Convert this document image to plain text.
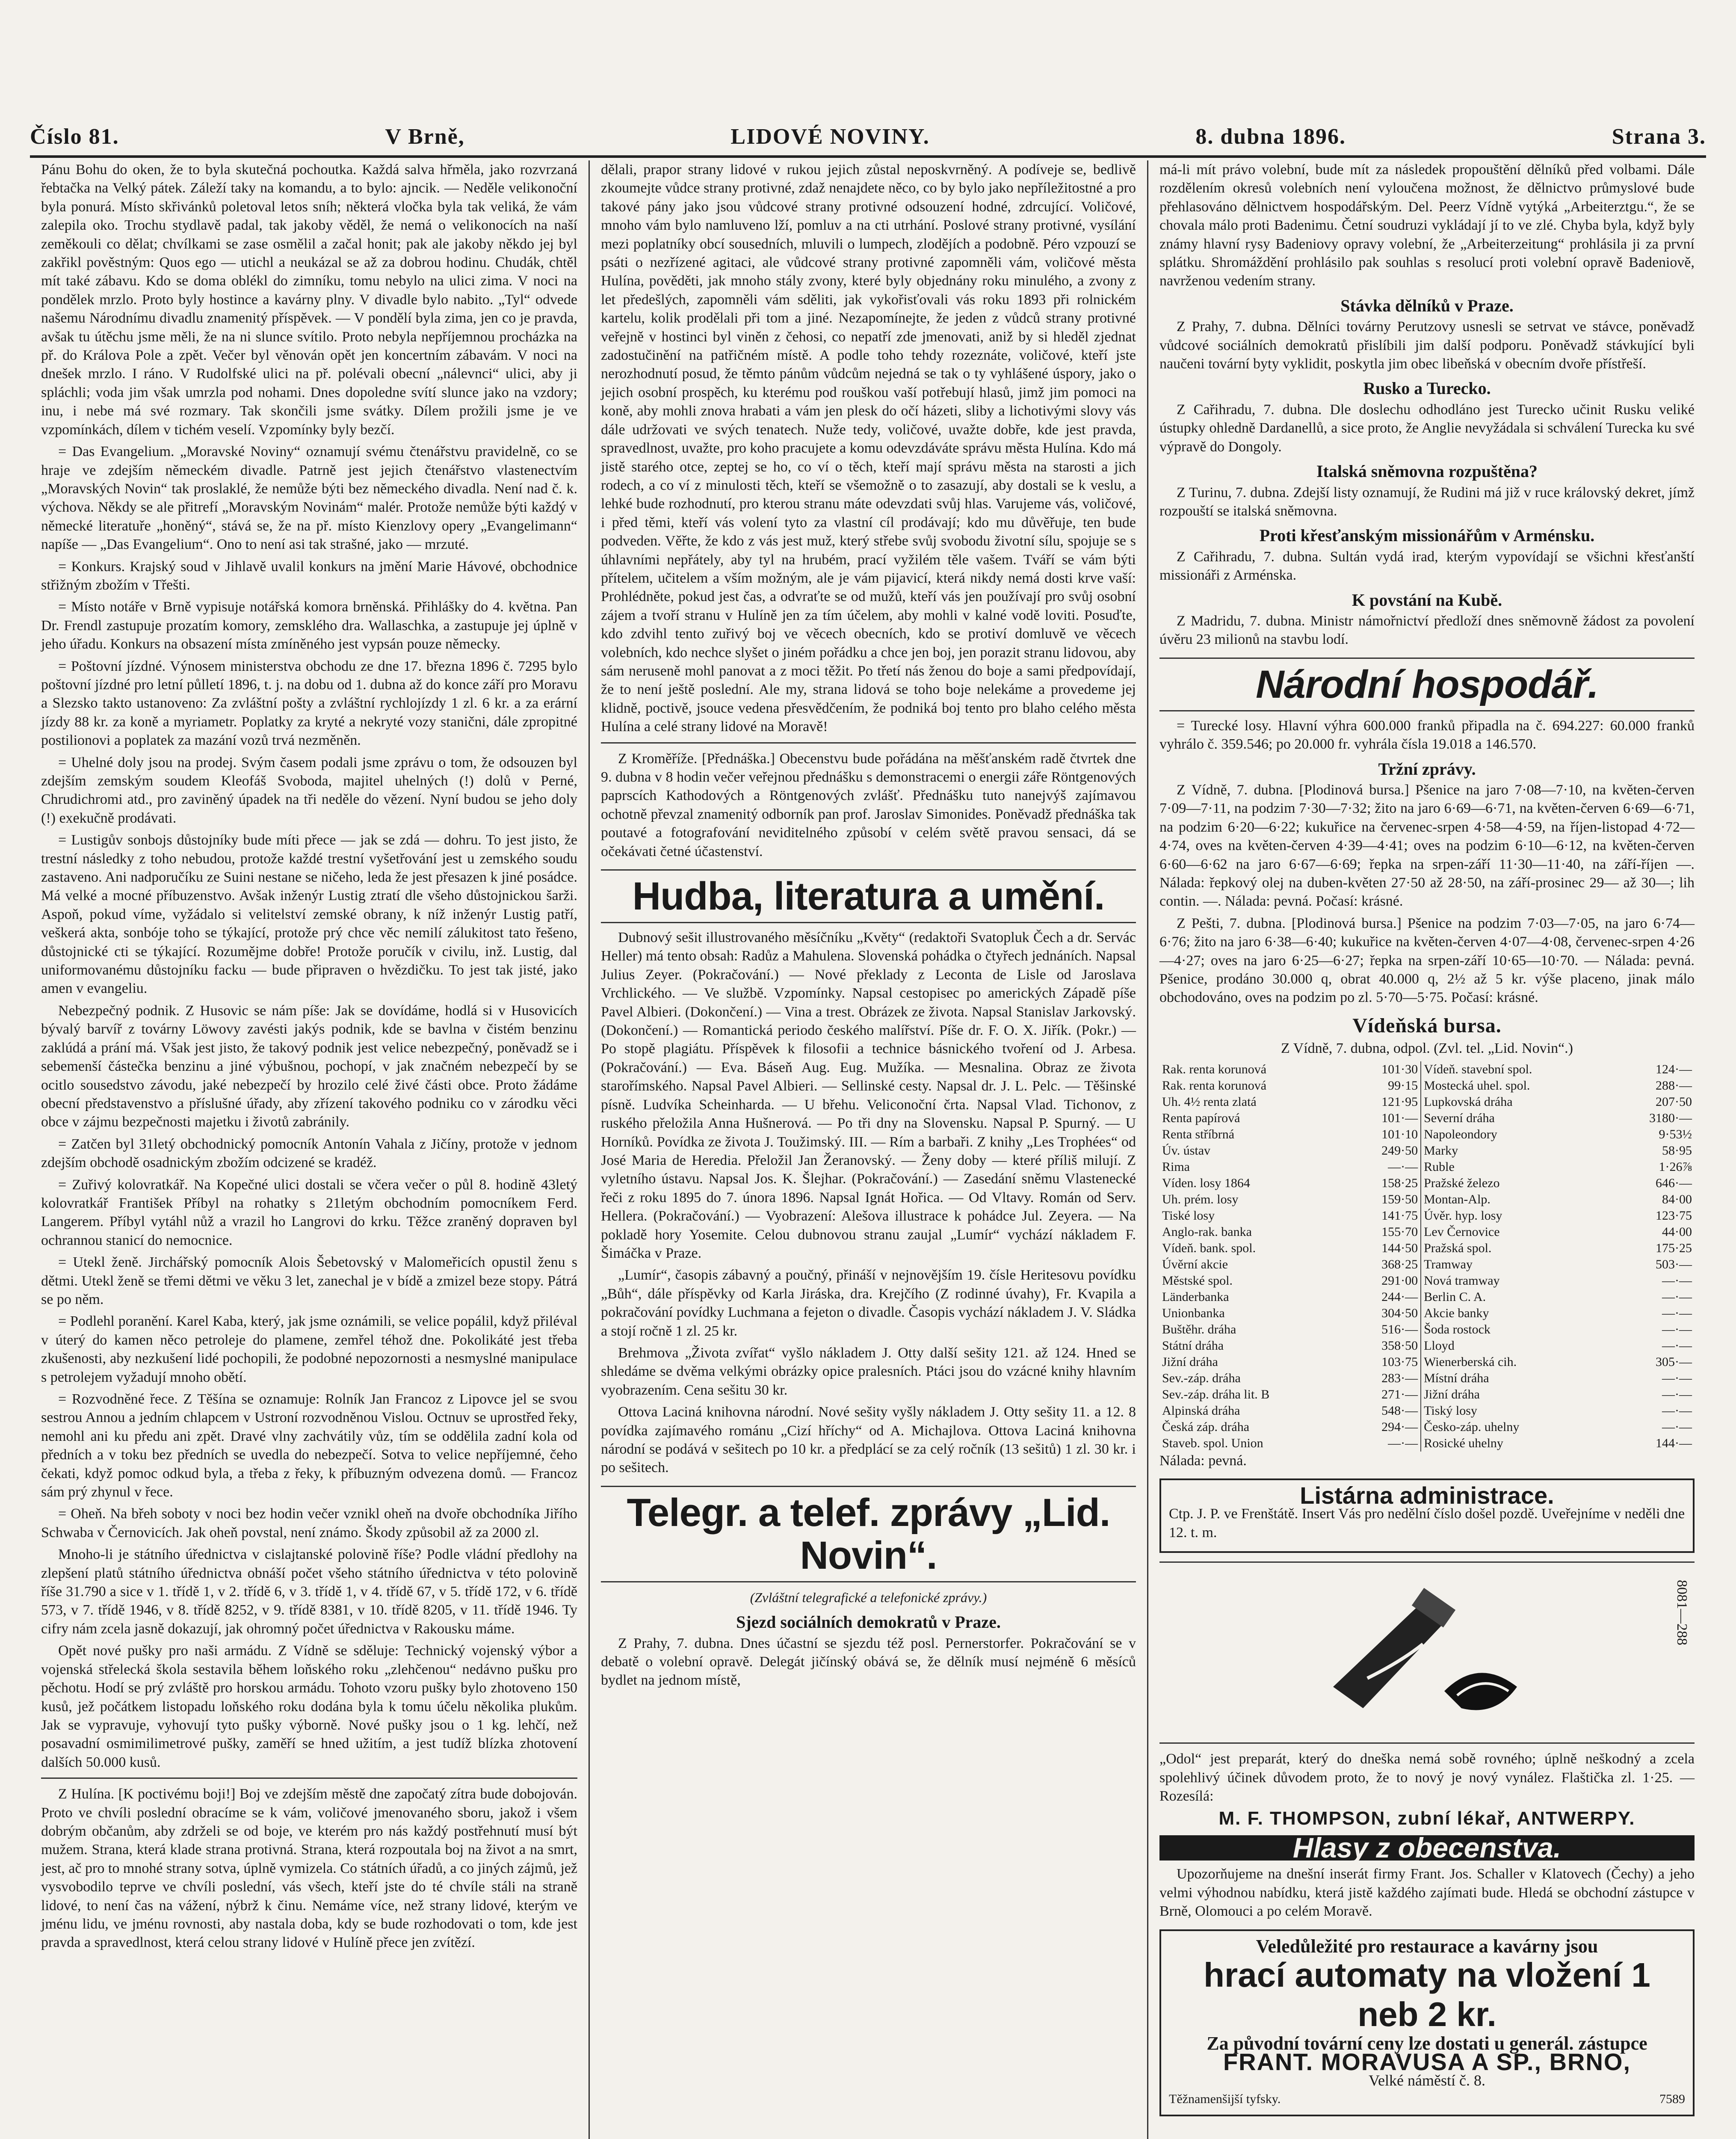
Číslo 81.	V Brně,	LIDOVÉ NOVINY.	8. dubna 1896.	Strana 3.

Pánu Bohu do oken, že to byla skutečná pochoutka. Každá salva hřměla, jako rozvrzaná řebtačka na Velký pátek. Záleží taky na komandu, a to bylo: ajncik. — Neděle velikonoční byla ponurá. Místo skřivánků poletoval letos sníh; některá vločka byla tak veliká, že vám zalepila oko. Trochu stydlavě padal, tak jakoby věděl, že nemá o velikonocích na naší zeměkouli co dělat; chvílkami se zase osmělil a začal honit; pak ale jakoby někdo jej byl zakřikl pověstným: Quos ego — utichl a neukázal se až za dobrou hodinu. Chudák, chtěl mít také zábavu. Kdo se doma oblékl do zimníku, tomu nebylo na ulici zima. V noci na pondělek mrzlo. Proto byly hostince a kavárny plny. V divadle bylo nabito. „Tyl“ odvede našemu Národnímu divadlu znamenitý příspěvek. — V pondělí byla zima, jen co je pravda, avšak tu útěchu jsme měli, že na ni slunce svítilo. Proto nebyla nepříjemnou procházka na př. do Králova Pole a zpět. Večer byl věnován opět jen koncertním zábavám. V noci na dnešek mrzlo. I ráno. V Rudolfské ulici na př. polévali obecní „nálevnci“ ulici, aby ji spláchli; voda jim však umrzla pod nohami. Dnes dopoledne svítí slunce jako na vzdory; inu, i nebe má své rozmary. Tak skončili jsme svátky. Dílem prožili jsme je ve vzpomínkách, dílem v tichém veselí. Vzpomínky byly bezčí.

= Das Evangelium. „Moravské Noviny“ oznamují svému čtenářstvu pravidelně, co se hraje ve zdejším německém divadle. Patrně jest jejich čtenářstvo vlastenectvím „Moravských Novin“ tak proslaklé, že nemůže býti bez německého divadla. Není nad č. k. výchova. Někdy se ale přitrefí „Moravským Novinám“ malér. Protože nemůže býti každý v německé literatuře „honěný“, stává se, že na př. místo Kienzlovy opery „Evangelimann“ napíše — „Das Evangelium“. Ono to není asi tak strašné, jako — mrzuté.

= Konkurs. Krajský soud v Jihlavě uvalil konkurs na jmění Marie Hávové, obchodnice střižným zbožím v Třešti.

= Místo notáře v Brně vypisuje notářská komora brněnská. Přihlášky do 4. května. Pan Dr. Frendl zastupuje prozatím komory, zemsklého dra. Wallaschka, a zastupuje jej úplně v jeho úřadu. Konkurs na obsazení místa zmíněného jest vypsán pouze německy.

= Poštovní jízdné. Výnosem ministerstva obchodu ze dne 17. března 1896 č. 7295 bylo poštovní jízdné pro letní půlletí 1896, t. j. na dobu od 1. dubna až do konce září pro Moravu a Slezsko takto ustanoveno: Za zvláštní pošty a zvláštní rychlojízdy 1 zl. 6 kr. a za erární jízdy 88 kr. za koně a myriametr. Poplatky za kryté a nekryté vozy stanični, dále zpropitné postilionovi a poplatek za mazání vozů trvá nezměněn.

= Uhelné doly jsou na prodej. Svým časem podali jsme zprávu o tom, že odsouzen byl zdejším zemským soudem Kleofáš Svoboda, majitel uhelných (!) dolů v Perné, Chrudichromi atd., pro zaviněný úpadek na tři neděle do vězení. Nyní budou se jeho doly (!) exekučně prodávati.

= Lustigův sonbojs důstojníky bude míti přece — jak se zdá — dohru. To jest jisto, že trestní následky z toho nebudou, protože každé trestní vyšetřování jest u zemského soudu zastaveno. Ani nadporučíku ze Suini nestane se ničeho, leda že jest přesazen k jiné posádce. Má velké a mocné příbuzenstvo. Avšak inženýr Lustig ztratí dle všeho důstojnickou šarži. Aspoň, pokud víme, vyžádalo si velitelství zemské obrany, k níž inženýr Lustig patří, veškerá akta, sonbóje toho se týkající, protože prý chce věc nemilí zálukitost tato řešeno, důstojnické cti se týkající. Rozumějme dobře! Protože poručík v civilu, inž. Lustig, dal uniformovanému důstojníku facku — bude připraven o hvězdičku. To jest tak jisté, jako amen v evangeliu.

Nebezpečný podnik. Z Husovic se nám píše: Jak se dovídáme, hodlá si v Husovicích bývalý barvíř z továrny Löwovy zavésti jakýs podnik, kde se bavlna v čistém benzinu zaklúdá a prání má. Však jest jisto, že takový podnik jest velice nebezpečný, poněvadž se i sebemenší částečka benzinu a jiné výbušnou, pochopí, v jak značném nebezpečí by se ocitlo sousedstvo závodu, jaké nebezpečí by hrozilo celé živé části obce. Proto žádáme obecní představenstvo a příslušné úřady, aby zřízení takového podniku co v zárodku věci obce v zájmu bezpečnosti majetku i životů zabránily.

= Zatčen byl 31letý obchodnický pomocník Antonín Vahala z Jičíny, protože v jednom zdejším obchodě osadnickým zbožím odcizené se kradéž.

= Zuřivý kolovratkář. Na Kopečné ulici dostali se včera večer o půl 8. hodině 43letý kolovratkář František Příbyl na rohatky s 21letým obchodním pomocníkem Ferd. Langerem. Příbyl vytáhl nůž a vrazil ho Langrovi do krku. Těžce zraněný dopraven byl ochrannou stanicí do nemocnice.

= Utekl ženě. Jirchářský pomocník Alois Šebetovský v Malomeřicích opustil ženu s dětmi. Utekl ženě se třemi dětmi ve věku 3 let, zanechal je v bídě a zmizel beze stopy. Pátrá se po něm.

= Podlehl poranění. Karel Kaba, který, jak jsme oznámili, se velice popálil, když přiléval v úterý do kamen něco petroleje do plamene, zemřel téhož dne. Pokolikáté jest třeba zkušenosti, aby nezkušení lidé pochopili, že podobné nepozornosti a nesmyslné manipulace s petrolejem vyžadují mnoho obětí.

= Rozvodněné řece. Z Těšína se oznamuje: Rolník Jan Francoz z Lipovce jel se svou sestrou Annou a jedním chlapcem v Ustroní rozvodněnou Vislou. Octnuv se uprostřed řeky, nemohl ani ku předu ani zpět. Dravé vlny zachvátily vůz, tím se oddělila zadní kola od předních a v toku bez předních se uvedla do nebezpečí. Sotva to velice nepříjemné, čeho čekati, když pomoc odkud byla, a třeba z řeky, k příbuzným odvezena domů. — Francoz sám prý zhynul v řece.

= Oheň. Na břeh soboty v noci bez hodin večer vznikl oheň na dvoře obchodníka Jiřího Schwaba v Černovicích. Jak oheň povstal, není známo. Škody způsobil až za 2000 zl.

Mnoho-li je státního úřednictva v cislajtanské polovině říše? Podle vládní předlohy na zlepšení platů státního úřednictva obnáší počet všeho státního úřednictva v této polovině říše 31.790 a sice v 1. třídě 1, v 2. třídě 6, v 3. třídě 1, v 4. třídě 67, v 5. třídě 172, v 6. třídě 573, v 7. třídě 1946, v 8. třídě 8252, v 9. třídě 8381, v 10. třídě 8205, v 11. třídě 1946. Ty cifry nám zcela jasně dokazují, jak ohromný počet úřednictva v Rakousku máme.

Opět nové pušky pro naši armádu. Z Vídně se sděluje: Technický vojenský výbor a vojenská střelecká škola sestavila během loňského roku „zlehčenou“ nedávno pušku pro pěchotu. Hodí se prý zvláště pro horskou armádu. Tohoto vzoru pušky bylo zhotoveno 150 kusů, jež počátkem listopadu loňského roku dodána byla k tomu účelu několika plukům. Jak se vypravuje, vyhovují tyto pušky výborně. Nové pušky jsou o 1 kg. lehčí, než posavadní osmimilimetrové pušky, zaměří se hned užitím, a jest tudíž blízka zhotovení dalších 50.000 kusů.

Z Hulína. [K poctivému boji!] Boj ve zdejším městě dne započatý zítra bude dobojován. Proto ve chvíli poslední obracíme se k vám, voličové jmenovaného sboru, jakož i všem dobrým občanům, aby zdrželi se od boje, ve kterém pro nás každý postřehnutí musí být mužem. Strana, která klade strana protivná. Strana, která rozpoutala boj na život a na smrt, jest, ač pro to mnohé strany sotva, úplně vymizela. Co státních úřadů, a co jiných zájmů, jež vysvobodilo teprve ve chvíli poslední, vás všech, kteří jste do té chvíle stáli na straně lidové, to není čas na vážení, nýbrž k činu. Nemáme více, než strany lidové, kterým ve jménu lidu, ve jménu rovnosti, aby nastala doba, kdy se bude rozhodovati o tom, kde jest pravda a spravedlnost, která celou strany lidové v Hulíně přece jen zvítězí.

dělali, prapor strany lidové v rukou jejich zůstal neposkvrněný. A podíveje se, bedlivě zkoumejte vůdce strany protivné, zdaž nenajdete něco, co by bylo jako nepříležitostné a pro takové pány jako jsou vůdcové strany protivné odsouzení hodné, zdrcující. Voličové, mnoho vám bylo namluveno lží, pomluv a na cti utrhání. Poslové strany protivné, vysílání mezi poplatníky obcí sousedních, mluvili o lumpech, zlodějích a podobně. Péro vzpouzí se psáti o nezřízené agitaci, ale vůdcové strany protivné zapomněli vám, voličové města Hulína, pověděti, jak mnoho stály zvony, které byly objednány roku minulého, a zvony z let předešlých, zapomněli vám sděliti, jak vykořisťovali vás roku 1893 při rolnickém kartelu, kolik prodělali při tom a jiné. Nezapomínejte, že jeden z vůdců strany protivné veřejně v hostinci byl viněn z čehosi, co nepatří zde jmenovati, aniž by si hleděl zjednat zadostučinění na patřičném místě. A podle toho tehdy rozeznáte, voličové, kteří jste nerozhodnutí posud, že těmto pánům vůdcům nejedná se tak o ty vyhlášené úspory, jako o jejich osobní prospěch, ku kterému pod rouškou vaší potřebují hlasů, jimž jim pomoci na koně, aby mohli znova hrabati a vám jen plesk do očí házeti, sliby a lichotivými slovy vás dále udržovati ve svých tenatech. Nuže tedy, voličové, uvažte dobře, kde jest pravda, spravedlnost, uvažte, pro koho pracujete a komu odevzdáváte správu města Hulína. Kdo má jistě starého otce, zeptej se ho, co ví o těch, kteří mají správu města na starosti a jich rodech, a co ví z minulosti těch, kteří se všemožně o to zasazují, aby dostali se k veslu, a lehké bude rozhodnutí, pro kterou stranu máte odevzdati svůj hlas. Varujeme vás, voličové, i před těmi, kteří vás volení tyto za vlastní cíl prodávají; kdo mu důvěřuje, ten bude podveden. Věřte, že kdo z vás jest muž, který střebe svůj svobodu životní sílu, spojuje se s úhlavními nepřátely, aby tyl na hrubém, prací vyžilém těle vašem. Tváří se vám býti přítelem, učitelem a vším možným, ale je vám pijavicí, která nikdy nemá dosti krve vaší: Prohlédněte, pokud jest čas, a odvraťte se od mužů, kteří vás jen používají pro svůj osobní zájem a tvoří stranu v Hulíně jen za tím účelem, aby mohli v kalné vodě loviti. Posuďte, kdo zdvihl tento zuřivý boj ve věcech obecních, kdo se protiví domluvě ve věcech volebních, kdo nechce slyšet o jiném pořádku a chce jen boj, jen porazit stranu lidovou, aby sám neruseně mohl panovat a z moci těžit. Po třetí nás ženou do boje a sami předpovídají, že to není ještě poslední. Ale my, strana lidová se toho boje nelekáme a provedeme jej klidně, poctivě, jsouce vedena přesvědčením, že podniká boj tento pro blaho celého města Hulína a celé strany lidové na Moravě!

Z Kroměříže. [Přednáška.] Obecenstvu bude pořádána na měšťanském radě čtvrtek dne 9. dubna v 8 hodin večer veřejnou přednášku s demonstracemi o energii záře Röntgenových paprscích Kathodových a Röntgenových zvlášť. Přednášku tuto nanejvýš zajímavou ochotně převzal znamenitý odborník pan prof. Jaroslav Simonides. Poněvadž přednáška tak poutavé a fotografování neviditelného způsobí v celém světě pravou sensaci, dá se očekávati četné účastenství.

Hudba, literatura a umění.

Dubnový sešit illustrovaného měsíčníku „Květy“ (redaktoři Svatopluk Čech a dr. Servác Heller) má tento obsah: Radůz a Mahulena. Slovenská pohádka o čtyřech jednáních. Napsal Julius Zeyer. (Pokračování.) — Nové překlady z Leconta de Lisle od Jaroslava Vrchlického. — Ve službě. Vzpomínky. Napsal cestopisec po amerických Západě píše Pavel Albieri. (Dokončení.) — Vina a trest. Obrázek ze života. Napsal Stanislav Jarkovský. (Dokončení.) — Romantická periodo českého malířství. Píše dr. F. O. X. Jiřík. (Pokr.) — Po stopě plagiátu. Příspěvek k filosofii a technice básnického tvoření od J. Arbesa. (Pokračování.) — Eva. Báseň Aug. Eug. Mužíka. — Mesnalina. Obraz ze života starořímského. Napsal Pavel Albieri. — Sellinské cesty. Napsal dr. J. L. Pelc. — Těšinské písně. Ludvíka Scheinharda. — U břehu. Veliconoční črta. Napsal Vlad. Tichonov, z ruského přeložila Anna Hušnerová. — Po tři dny na Slovensku. Napsal P. Spurný. — U Horníků. Povídka ze života J. Toužimský. III. — Rím a barbaři. Z knihy „Les Trophées“ od José Maria de Heredia. Přeložil Jan Žeranovský. — Ženy doby — které příliš milují. Z vyletního ústavu. Napsal Jos. K. Šlejhar. (Pokračování.) — Zasedání sněmu Vlastenecké řeči z roku 1895 do 7. února 1896. Napsal Ignát Hořica. — Od Vltavy. Román od Serv. Hellera. (Pokračování.) — Vyobrazení: Alešova illustrace k pohádce Jul. Zeyera. — Na pokladě hory Yosemite. Celou dubnovou stranu zaujal „Lumír“ vychází nákladem F. Šimáčka v Praze.

„Lumír“, časopis zábavný a poučný, přináší v nejnovějším 19. čísle Heritesovu povídku „Bůh“, dále příspěvky od Karla Jiráska, dra. Krejčího (Z rodinné úvahy), Fr. Kvapila a pokračování povídky Luchmana a fejeton o divadle. Časopis vychází nákladem J. V. Sládka a stojí ročně 1 zl. 25 kr.

Brehmova „Života zvířat“ vyšlo nákladem J. Otty další sešity 121. až 124. Hned se shledáme se dvěma velkými obrázky opice pralesních. Ptáci jsou do vzácné knihy hlavním vyobrazením. Cena sešitu 30 kr.

Ottova Laciná knihovna národní. Nové sešity vyšly nákladem J. Otty sešity 11. a 12. 8 povídka zajímavého románu „Cizí hříchy“ od A. Michajlova. Ottova Laciná knihovna národní se podává v sešitech po 10 kr. a předplácí se za celý ročník (13 sešitů) 1 zl. 30 kr. i po sešitech.

Telegr. a telef. zprávy „Lid. Novin“.
(Zvláštní telegrafické a telefonické zprávy.)
Sjezd sociálních demokratů v Praze.

Z Prahy, 7. dubna. Dnes účastní se sjezdu též posl. Pernerstorfer. Pokračování se v debatě o volební opravě. Delegát jičínský obává se, že dělník musí nejméně 6 měsíců bydlet na jednom místě,

má-li mít právo volební, bude mít za následek propouštění dělníků před volbami. Dále rozdělením okresů volebních není vyloučena možnost, že dělnictvo průmyslové bude přehlasováno dělnictvem hospodářským. Del. Peerz Vídně vytýká „Arbeiterztgu.“, že se chovala málo proti Badenimu. Četní soudruzi vykládají jí to ve zlé. Chyba byla, když byly známy hlavní rysy Badeniovy opravy volební, že „Arbeiterzeitung“ prohlásila ji za první splátku. Shromáždění prohlásilo pak souhlas s resolucí proti volební opravě Badeniově, navrženou vedením strany.

Stávka dělníků v Praze.

Z Prahy, 7. dubna. Dělníci továrny Perutzovy usnesli se setrvat ve stávce, poněvadž vůdcové sociálních demokratů přislíbili jim další podporu. Poněvadž stávkující byli naučeni tovární byty vyklidit, poskytla jim obec libeňská v obecním dvoře přístřeší.

Rusko a Turecko.

Z Cařihradu, 7. dubna. Dle doslechu odhodláno jest Turecko učinit Rusku veliké ústupky ohledně Dardanellů, a sice proto, že Anglie nevyžádala si schválení Turecka ku své výpravě do Dongoly.

Italská sněmovna rozpuštěna?

Z Turinu, 7. dubna. Zdejší listy oznamují, že Rudini má již v ruce královský dekret, jímž rozpouští se italská sněmovna.

Proti křesťanským missionářům v Arménsku.

Z Cařihradu, 7. dubna. Sultán vydá irad, kterým vypovídají se všichni křesťanští missionáři z Arménska.

K povstání na Kubě.

Z Madridu, 7. dubna. Ministr námořnictví předloží dnes sněmovně žádost za povolení úvěru 23 milionů na stavbu lodí.

Národní hospodář.

= Turecké losy. Hlavní výhra 600.000 franků připadla na č. 694.227: 60.000 franků vyhrálo č. 359.546; po 20.000 fr. vyhrála čísla 19.018 a 146.570.

Tržní zprávy.

Z Vídně, 7. dubna. [Plodinová bursa.] Pšenice na jaro 7·08—7·10, na květen-červen 7·09—7·11, na podzim 7·30—7·32; žito na jaro 6·69—6·71, na květen-červen 6·69—6·71, na podzim 6·20—6·22; kukuřice na červenec-srpen 4·58—4·59, na říjen-listopad 4·72—4·74, oves na květen-červen 4·39—4·41; oves na podzim 6·10—6·12, na květen-červen 6·60—6·62 na jaro 6·67—6·69; řepka na srpen-září 11·30—11·40, na září-říjen —. Nálada: řepkový olej na duben-květen 27·50 až 28·50, na září-prosinec 29— až 30—; lih contin. —. Nálada: pevná. Počasí: krásné.

Z Pešti, 7. dubna. [Plodinová bursa.] Pšenice na podzim 7·03—7·05, na jaro 6·74—6·76; žito na jaro 6·38—6·40; kukuřice na květen-červen 4·07—4·08, červenec-srpen 4·26—4·27; oves na jaro 6·25—6·27; řepka na srpen-září 10·65—10·70. — Nálada: pevná. Pšenice, prodáno 30.000 q, obrat 40.000 q, 2½ až 5 kr. výše placeno, jinak málo obchodováno, oves na podzim po zl. 5·70—5·75. Počasí: krásné.

Vídeňská bursa.

Z Vídně, 7. dubna, odpol. (Zvl. tel. „Lid. Novin“.)

Rak. renta korunová	101·30	Vídeň. stavební spol.	124·—
Rak. renta korunová	99·15	Mostecká uhel. spol.	288·—
Uh. 4½ renta zlatá	121·95	Lupkovská dráha	207·50
Renta papírová	101·—	Severní dráha	3180·—
Renta stříbrná	101·10	Napoleondory	9·53½
Úv. ústav	249·50	Marky	58·95
Rima	—·—	Ruble	1·26⅞
Víden. losy 1864	158·25	Pražské železo	646·—
Uh. prém. losy	159·50	Montan-Alp.	84·00
Tiské losy	141·75	Úvěr. hyp. losy	123·75
Anglo-rak. banka	155·70	Lev Černovice	44·00
Vídeň. bank. spol.	144·50	Pražská spol.	175·25
Úvěrní akcie	368·25	Tramway	503·—
Městské spol.	291·00	Nová tramway	—·—
Länderbanka	244·—	Berlin C. A.	—·—
Unionbanka	304·50	Akcie banky	—·—
Buštěhr. dráha	516·—	Šoda rostock	—·—
Státní dráha	358·50	Lloyd	—·—
Jižní dráha	103·75	Wienerberská cih.	305·—
Sev.-záp. dráha	283·—	Místní dráha	—·—
Sev.-záp. dráha lit. B	271·—	Jižní dráha	—·—
Alpinská dráha	548·—	Tiský losy	—·—
Česká záp. dráha	294·—	Česko-záp. uhelny	—·—
Staveb. spol. Union	—·—	Rosické uhelny	144·—

Nálada: pevná.

Listárna administrace.

Ctp. J. P. ve Frenštátě. Insert Vás pro nedělní číslo došel pozdě. Uveřejníme v neděli dne 12. t. m.

8081—288

„Odol“ jest preparát, který do dneška nemá sobě rovného; úplně neškodný a zcela spolehlivý účinek důvodem proto, že to nový je nový vynález. Flaštička zl. 1·25. — Rozesílá:

M. F. THOMPSON, zubní lékař, ANTWERPY.
Hlasy z obecenstva.

Upozorňujeme na dnešní inserát firmy Frant. Jos. Schaller v Klatovech (Čechy) a jeho velmi výhodnou nabídku, která jistě každého zajímati bude. Hledá se obchodní zástupce v Brně, Olomouci a po celém Moravě.

Veledůležité pro restaurace a kavárny jsou
hrací automaty na vložení 1 neb 2 kr.
Za původní tovární ceny lze dostati u generál. zástupce
FRANT. MORAVUSA A SP., BRNO,
Velké náměstí č. 8.
Těžnamenšijší tyfsky.	7589
